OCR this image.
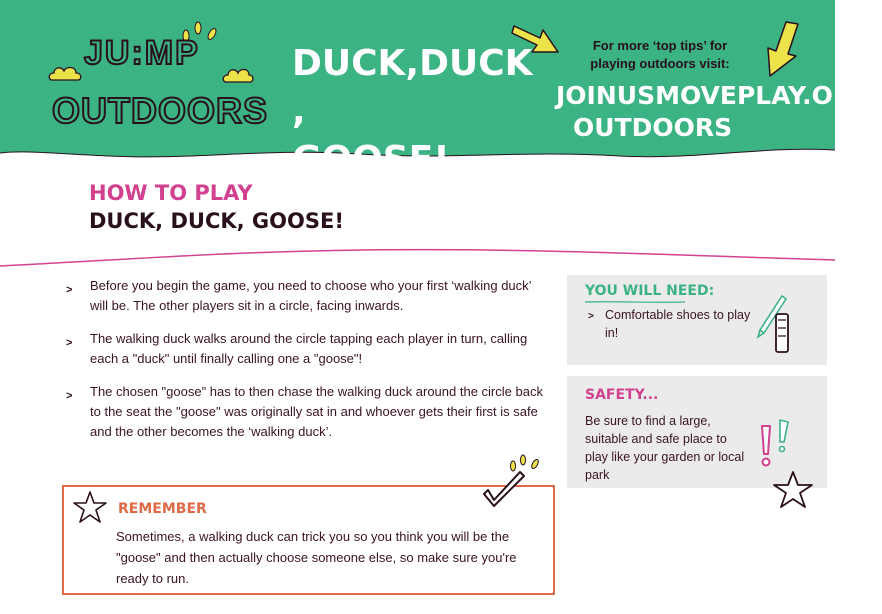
JU:MP
OUTDOORS
DUCK,DUCK ,
GOOSE!
For more ‘top tips’ for
playing outdoors visit:
JOINUSMOVEPLAY.ORG/
OUTDOORS
HOW TO PLAY
DUCK, DUCK, GOOSE!
> Before you begin the game, you need to choose who your first ‘walking duck’ will be. The other players sit in a circle, facing inwards.
> The walking duck walks around the circle tapping each player in turn, calling each a "duck" until finally calling one a "goose"!
> The chosen "goose" has to then chase the walking duck around the circle back to the seat the "goose" was originally sat in and whoever gets their first is safe and the other becomes the ‘walking duck’.
REMEMBER
Sometimes, a walking duck can trick you so you think you will be the "goose" and then actually choose someone else, so make sure you're ready to run.
YOU WILL NEED:
> Comfortable shoes to play in!
SAFETY...
Be sure to find a large, suitable and safe place to play like your garden or local park
